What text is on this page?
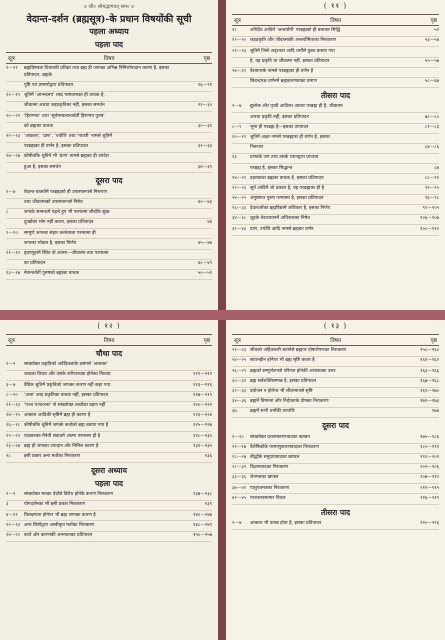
४ जी० श्रीमद्भागवत् सम० ४
वेदान्त-दर्शन (ब्रह्मसूत्र)-के प्रधान विषयोंकी सूची
पहला अध्याय
पहला पाद
सूत्र	विषय	पृष्ठ
१—११	ब्रह्मविषयक विचारकी प्रतिज्ञा तथा ब्रह्म ही जगत्का अभिन्न निमित्तोपादान कारण है, इसका प्रतिपादन; ब्रह्मके
पुष्टि एवं प्रमाणोंद्वारा प्रतिपादन	१६—२१
१२—१९ श्रुतिमें 'आनन्दमय' शब्द परमात्माका ही वाचक है,
जीवात्मा अथवा जड़प्रकृतिका नहीं, इसका समर्थन	२२—३०
२०—२१ 'हिरण्मयः' तथा 'सूर्यमण्डलान्तर्वर्ती हिरण्मय पुरुष'
को ब्रह्मका वाचक	३०—३१
२२—२३ 'आकाश', 'प्राण', 'ज्योति' तथा 'गायत्री' नामसे श्रुतिमें
परब्रह्मका ही वर्णन है, इसका प्रतिपादन	३२—३३
२४—२७ कौषीतकि श्रुतिमें भी 'प्राण' नामसे ब्रह्मका ही उपदेश
हुआ है, इसका समर्थन	३४—३९
दूसरा पाद
१—७	वेदान्त-वाक्योंमें परब्रह्मको ही उपास्यरूपसे निरूपण
तथा जीवात्माको उपास्यरूपसे निषेध	४०—४३
८	जगत्के सम्बन्धमें पहले हुए भी परमात्मा जीवोंके सुख-
दुःखोंका भोग नहीं करता, इसका प्रतिपादन	४४
९—१०	सम्पूर्ण जगत्का संहार करनेवाला परमात्मा ही
जगत्का भोक्ता है, इसका निर्णय	४५—४७
११—१२ हृदयगुहामें स्थित दो आत्मा—जीवात्मा तथा परमात्मा
का प्रतिपादन	४८—४९
१३—१७ नेत्रान्तर्वर्ती पुरुषको ब्रह्मका वाचक	५०—५१
( ११ )
सूत्र	विषय	पृष्ठ
१८	अधिदैव आदिमें 'अन्तर्यामी' परब्रह्मको ही बताकर सिद्धि	५२
१९—२० जड़प्रकृति और जीवात्माकी अन्तर्यामिताका निराकरण	५३—५४
२१—२३ श्रुतिमें जिसे अदृश्यता आदि धर्मोंसे युक्त बताया गया
है, वह प्रकृति या जीवात्मा नहीं, इसका प्रतिपादन	५५—५७
२४—३२ वैश्वानरके नामसे परब्रह्मका ही वर्णन है
छिदन्द्रपक्ष वर्णनमें ब्रह्मकारणताका प्रमाण	५८—६७
तीसरा पाद
१—७	द्युलोक और पृथ्वी आदिका आधार परब्रह्म ही है, जीवात्मा
अथवा प्रकृति नहीं, इसका प्रतिपादन	७८—८०
८—९	भूमा ही परब्रह्म है—इसका उपपादन	८१—८३
१०—१२ श्रुतिमें अक्षर नामसे परब्रह्मका ही वर्णन है, इसका
निरूपण	८४—८६
१३	प्रणवके जप तथा उसके ध्यानद्वारा प्राप्तव्य
परब्रह्म है, इसका सिद्धान्त	८७
१४—२१ दहराकाश ब्रह्मका वाचक है, इसका प्रतिपादन	८८—९१
२२—२३ सूर्य आदिमें जो प्रकाश है, वह परब्रह्मका ही है	९२—९५
२४—२५ अंगुष्ठमात्र पुरुष परमात्मा है, इसका प्रतिपादन	९६—९८
२६—३३ देवताओंका ब्रह्मविद्यामें अधिकार है, इसका निर्णय	९९—१०५
३४—३८ शूद्रके वेदाध्ययनमें अधिकारका निषेध	१०६—१०७
३९—४३ प्राण, ज्योति आदि नामसे ब्रह्मका वर्णन	१०८—११०
( १२ )
सूत्र	विषय	पृष्ठ
चौथा पाद
१—२	सांख्योक्त प्रकृतिको अवैदिकताके प्रसंगसे 'अव्यक्त'
शब्दका विचार और उसके शरीरवाचक होनेका निश्चय	१११—११२
३—७	वैदिक श्रुतिमें प्रकृतिको जगत्का कारण नहीं कहा गया	११३—११६
८—१०	'अजा' शब्द प्रकृतिका वाचक नहीं, इसका प्रतिपादन	११७—११९
११—१३ 'पञ्च पञ्चजनाः' से सांख्योक्त तत्त्वोंका ग्रहण नहीं	१२०—१२२
१४—१५ आकाश आदिकी सृष्टिमें ब्रह्म ही कारण है	१२३—१२४
१६—१८ कौषीतकि श्रुतिमें जगत्के कर्ताको ब्रह्म बताया गया है	१२५—१२७
१९—२२ याज्ञवल्क्य-मैत्रेयी संवादमें आत्मा परमात्मा ही है	१२८—१३०
२३—२७ ब्रह्म ही जगत्का उपादान और निमित्त कारण है	१३१—१३५
२८	इसी प्रकार अन्य मतोंका निराकरण	१३६
दूसरा अध्याय
पहला पाद
१—२	सांख्योक्त मतका वेदोंसे विरोध होनेके कारण निराकरण	१३७—१३८
३	योगदर्शनका भी इसी प्रकार निराकरण	१३९
४—११	विलक्षणता होनेपर भी ब्रह्म जगत्का कारण है	१४०—१४७
१२—१३ अन्य शिष्टोंद्वारा अस्वीकृत मतोंका निराकरण	१४८—१४९
१४—२० कार्य और कारणकी अनन्यताका प्रतिपादन	१५०—१५७
( १३ )
सूत्र	विषय	पृष्ठ
२१—२३ जीवको अहितकारी बतानेसे ब्रह्मपर दोषारोपणका निराकरण	१५८—१६०
२४—२५ साधनहीन होनेपर भी ब्रह्म सृष्टि करता है	१६१—१६२
२६—२९ ब्रह्मको सम्पूर्णरूपसे परिणत होनेकी आशंकाका उत्तर	१६३—१६६
३०—३१ ब्रह्म सर्वशक्तिसम्पन्न है, इसका प्रतिपादन	१६७—१६८
३२—३३ प्रयोजन न होनेपर भी लीलामात्रसे सृष्टि	१६९—१७०
३४—३६ ब्रह्ममें विषमता और निर्दयताके दोषका निराकरण	१७१—१७३
३७	ब्रह्ममें सभी धर्मोंकी उपपत्ति	१७४
दूसरा पाद
१—१०	सांख्योक्त प्रधानकारणवादका खण्डन	१७५—१८४
११—१७ वैशेषिकोंके परमाणुकारणवादका निराकरण	१८५—१९१
१८—२७ बौद्धोंके समुदायवादका खण्डन	१९२—२०१
२८—३२ विज्ञानवादका निराकरण	२०२—२०६
३३—३६ जैनमतका खण्डन	२०७—२१०
३७—४१ पाशुपतमतका निराकरण	२११—२१५
४२—४५ पाञ्चरात्रमतपर विचार	२१६—२१९
तीसरा पाद
१—७	आकाश भी उत्पन्न होता है, इसका प्रतिपादन	२२०—२२६
